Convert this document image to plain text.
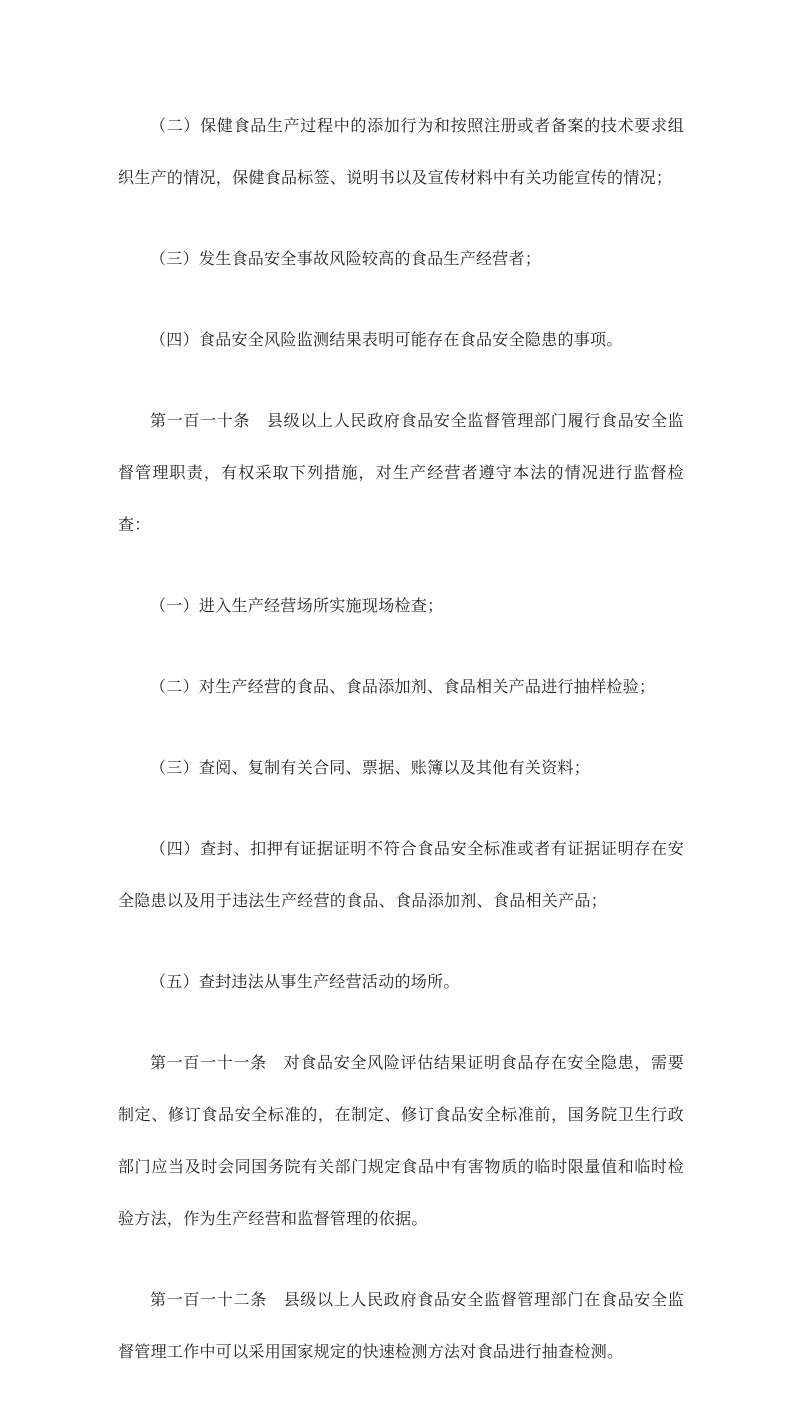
（二）保健食品生产过程中的添加行为和按照注册或者备案的技术要求组织生产的情况，保健食品标签、说明书以及宣传材料中有关功能宣传的情况；

（三）发生食品安全事故风险较高的食品生产经营者；

（四）食品安全风险监测结果表明可能存在食品安全隐患的事项。

第一百一十条　县级以上人民政府食品安全监督管理部门履行食品安全监督管理职责，有权采取下列措施，对生产经营者遵守本法的情况进行监督检查：

（一）进入生产经营场所实施现场检查；

（二）对生产经营的食品、食品添加剂、食品相关产品进行抽样检验；

（三）查阅、复制有关合同、票据、账簿以及其他有关资料；

（四）查封、扣押有证据证明不符合食品安全标准或者有证据证明存在安全隐患以及用于违法生产经营的食品、食品添加剂、食品相关产品；

（五）查封违法从事生产经营活动的场所。

第一百一十一条　对食品安全风险评估结果证明食品存在安全隐患，需要制定、修订食品安全标准的，在制定、修订食品安全标准前，国务院卫生行政部门应当及时会同国务院有关部门规定食品中有害物质的临时限量值和临时检验方法，作为生产经营和监督管理的依据。

第一百一十二条　县级以上人民政府食品安全监督管理部门在食品安全监督管理工作中可以采用国家规定的快速检测方法对食品进行抽查检测。
